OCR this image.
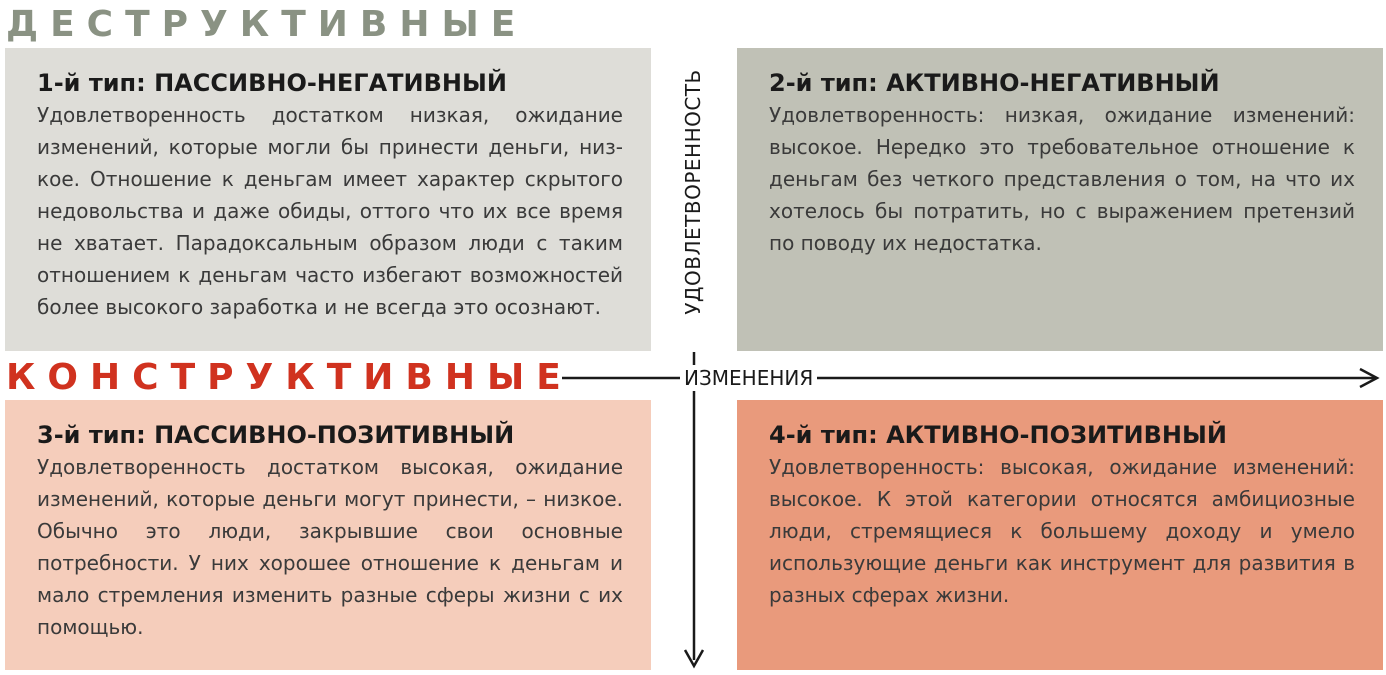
ДЕСТРУКТИВНЫЕ
1-й тип: ПАССИВНО-НЕГАТИВНЫЙ

Удовлетворенность достатком низкая, ожидание изменений, которые могли бы принести деньги, низкое. Отношение к деньгам имеет характер скрытого недовольства и даже обиды, оттого что их все время не хватает. Парадоксальным образом люди с таким отношением к деньгам часто избегают возможностей более высокого заработка и не всегда это осознают.

2-й тип: АКТИВНО-НЕГАТИВНЫЙ

Удовлетворенность: низкая, ожидание изменений: высокое. Нередко это требовательное отношение к деньгам без четкого представления о том, на что их хотелось бы потратить, но с выражением претензий по поводу их недостатка.

КОНСТРУКТИВНЫЕ
3-й тип: ПАССИВНО-ПОЗИТИВНЫЙ

Удовлетворенность достатком высокая, ожидание изменений, которые деньги могут принести, – низкое. Обычно это люди, закрывшие свои основные потребности. У них хорошее отношение к деньгам и мало стремления изменить разные сферы жизни с их помощью.

4-й тип: АКТИВНО-ПОЗИТИВНЫЙ

Удовлетворенность: высокая, ожидание изменений: высокое. К этой категории относятся амбициозные люди, стремящиеся к большему доходу и умело использующие деньги как инструмент для развития в разных сферах жизни.

УДОВЛЕТВОРЕННОСТЬ
ИЗМЕНЕНИЯ
